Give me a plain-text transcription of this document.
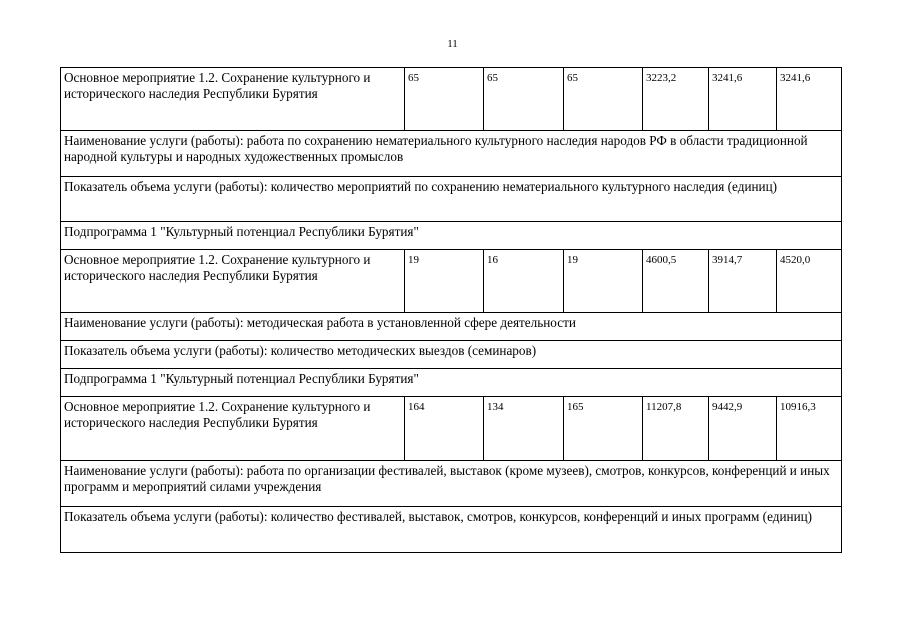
11
Основное мероприятие 1.2. Сохранение культурного и исторического наследия Республики Бурятия	65	65	65	3223,2	3241,6	3241,6
Наименование услуги (работы): работа по сохранению нематериального культурного наследия народов РФ в области традиционной народной культуры и народных художественных промыслов						
Показатель объема услуги (работы): количество мероприятий по сохранению нематериального культурного наследия (единиц)						
Подпрограмма 1 "Культурный потенциал Республики Бурятия"						
Основное мероприятие 1.2. Сохранение культурного и исторического наследия Республики Бурятия	19	16	19	4600,5	3914,7	4520,0
Наименование услуги (работы): методическая работа в установленной сфере деятельности						
Показатель объема услуги (работы): количество методических выездов (семинаров)						
Подпрограмма 1 "Культурный потенциал Республики Бурятия"						
Основное мероприятие 1.2. Сохранение культурного и исторического наследия Республики Бурятия	164	134	165	11207,8	9442,9	10916,3
Наименование услуги (работы): работа по организации фестивалей, выставок (кроме музеев), смотров, конкурсов, конференций и иных программ и мероприятий силами учреждения						
Показатель объема услуги (работы): количество фестивалей, выставок, смотров, конкурсов, конференций и иных программ (единиц)						
